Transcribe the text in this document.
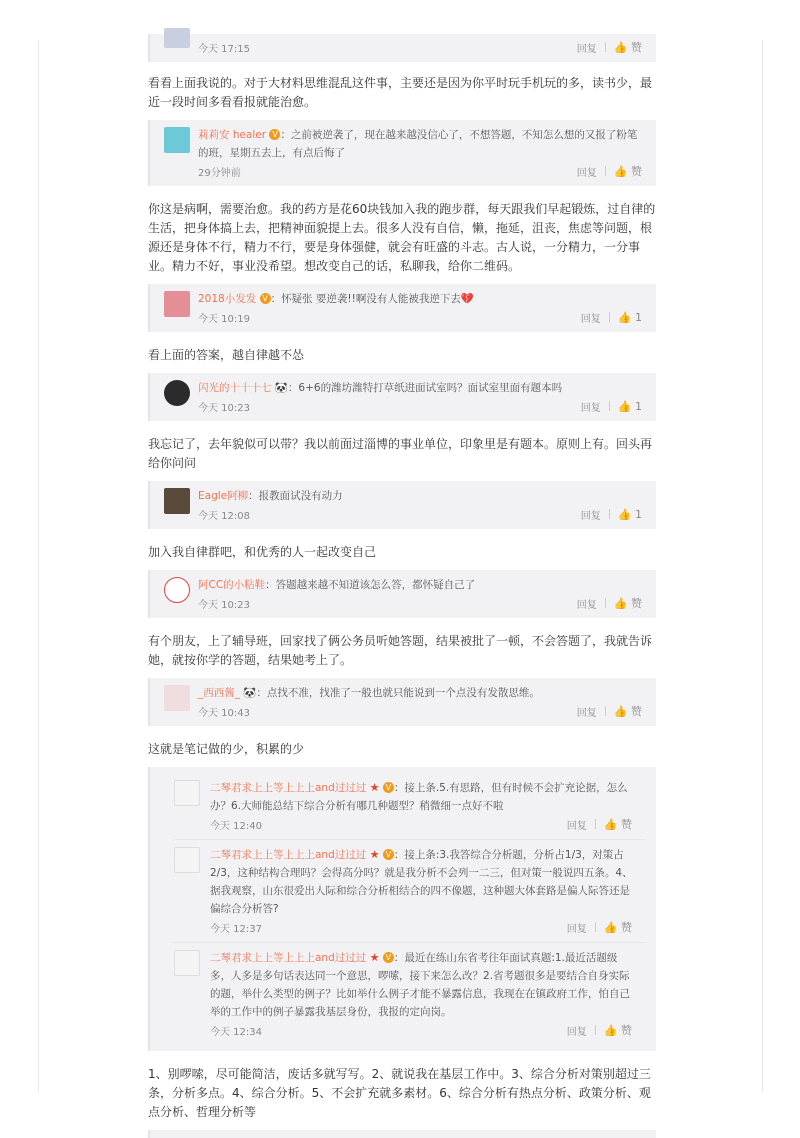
今天 17:15	回复 👍 赞

看看上面我说的。对于大材料思维混乱这件事，主要还是因为你平时玩手机玩的多，读书少，最近一段时间多看看报就能治愈。

莉莉安 healer V ：之前被逆袭了，现在越来越没信心了，不想答题，不知怎么想的又报了粉笔的班，星期五去上，有点后悔了
29分钟前	回复 👍 赞

你这是病啊，需要治愈。我的药方是花60块钱加入我的跑步群，每天跟我们早起锻炼，过自律的生活，把身体搞上去，把精神面貌提上去。很多人没有自信，懒，拖延，沮丧，焦虑等问题，根源还是身体不行，精力不行，要是身体强健，就会有旺盛的斗志。古人说，一分精力，一分事业。精力不好，事业没希望。想改变自己的话，私聊我，给你二维码。

2018小发发 V ：怀疑张 要逆袭!!啊没有人能被我逆下去💔
今天 10:19	回复 👍 1

看上面的答案，越自律越不怂

闪光的十十十七 🐼：6+6的潍坊潍特打草纸进面试室吗？面试室里面有题本吗
今天 10:23	回复 👍 1

我忘记了，去年貌似可以带？我以前面过淄博的事业单位，印象里是有题本。原则上有。回头再给你问问

Eagle阿柳：报教面试没有动力
今天 12:08	回复 👍 1

加入我自律群吧，和优秀的人一起改变自己

阿CC的小粘鞋：答题越来越不知道该怎么答，都怀疑自己了
今天 10:23	回复 👍 赞

有个朋友，上了辅导班，回家找了俩公务员听她答题，结果被批了一顿，不会答题了，我就告诉她，就按你学的答题，结果她考上了。

_西西酱_ 🐼：点找不准，找准了一般也就只能说到一个点没有发散思维。
今天 10:43	回复 👍 赞

这就是笔记做的少，积累的少

二琴君求上上等上上上and过过过 ★ V ：接上条.5.有思路，但有时候不会扩充论据，怎么办？6.大师能总结下综合分析有哪几种题型？稍微细一点好不啦
今天 12:40	回复 👍 赞
二琴君求上上等上上上and过过过 ★ V ：接上条:3.我答综合分析题，分析占1/3，对策占2/3，这种结构合理吗？会得高分吗？就是我分析不会列一二三，但对策一般说四五条。4、据我观察，山东很爱出人际和综合分析相结合的四不像题，这种题大体套路是偏人际答还是偏综合分析答?
今天 12:37	回复 👍 赞
二琴君求上上等上上上and过过过 ★ V ：最近在练山东省考往年面试真题:1.最近活题级多，人多是多句话表达同一个意思，啰嗦，接下来怎么改？2.省考题很多是要结合自身实际的题，举什么类型的例子？比如举什么例子才能不暴露信息，我现在在镇政府工作，怕自己举的工作中的例子暴露我基层身份，我报的定向岗。
今天 12:34	回复 👍 赞

1、别啰嗦，尽可能简洁，废话多就写写。2、就说我在基层工作中。3、综合分析对策别超过三条，分析多点。4、综合分析。5、不会扩充就多素材。6、综合分析有热点分析、政策分析、观点分析、哲理分析等
